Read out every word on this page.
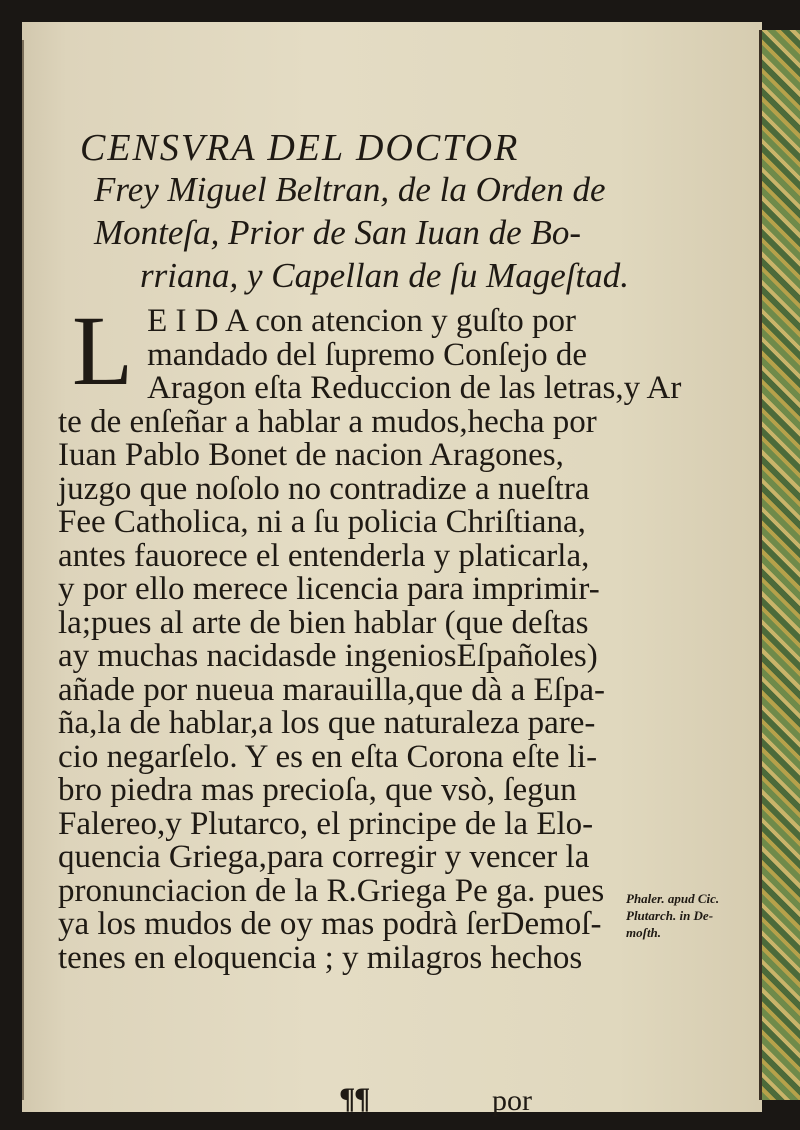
CENSVRA DEL DOCTOR
Frey Miguel Beltran, de la Orden de
Monteſa, Prior de San Iuan de Bo-
rriana, y Capellan de ſu Mageſtad.
L E I D A con atencion y guſto por
mandado del ſupremo Conſejo de
Aragon eſta Reduccion de las letras,y Ar
te de enſeñar a hablar a mudos,hecha por
Iuan Pablo Bonet de nacion Aragones,
juzgo que noſolo no contradize a nueſtra
Fee Catholica, ni a ſu policia Chriſtiana,
antes fauorece el entenderla y platicarla,
y por ello merece licencia para imprimir-
la;pues al arte de bien hablar (que deſtas
ay muchas nacidasde ingeniosEſpañoles)
añade por nueua marauilla,que dà a Eſpa-
ña,la de hablar,a los que naturaleza pare-
cio negarſelo. Y es en eſta Corona eſte li-
bro piedra mas precioſa, que vsò, ſegun
Falereo,y Plutarco, el principe de la Elo-
quencia Griega,para corregir y vencer la
pronunciacion de la R.Griega Pe ga. pues
ya los mudos de oy mas podrà ſerDemoſ-
tenes en eloquencia ; y milagros hechos
Phaler. apud Cic.
Plutarch. in De-
moſth.
¶¶	por
